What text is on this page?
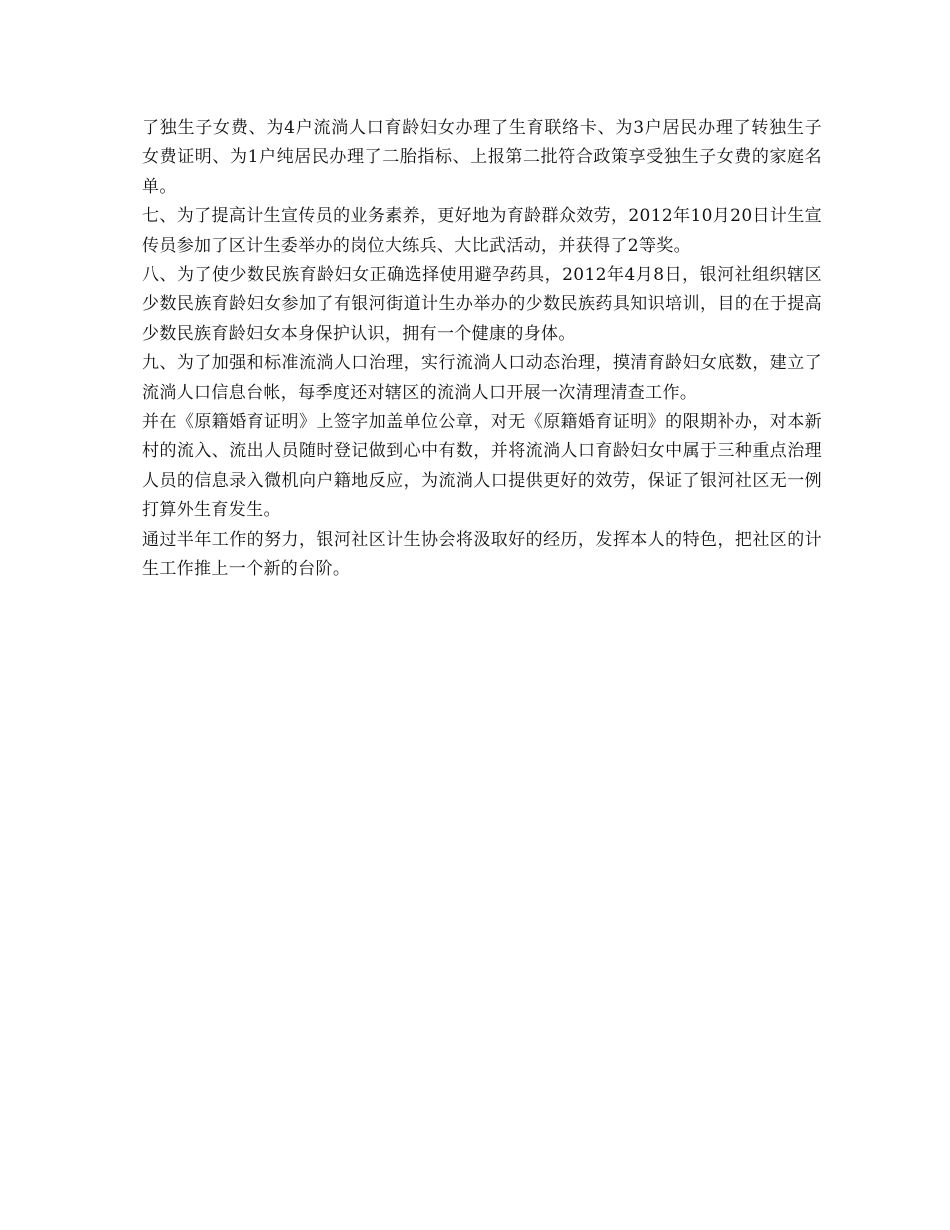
了独生子女费、为4户流淌人口育龄妇女办理了生育联络卡、为3户居民办理了转独生子女费证明、为1户纯居民办理了二胎指标、上报第二批符合政策享受独生子女费的家庭名单。

七、为了提高计生宣传员的业务素养，更好地为育龄群众效劳，2012年10月20日计生宣传员参加了区计生委举办的岗位大练兵、大比武活动，并获得了2等奖。

八、为了使少数民族育龄妇女正确选择使用避孕药具，2012年4月8日，银河社组织辖区少数民族育龄妇女参加了有银河街道计生办举办的少数民族药具知识培训，目的在于提高少数民族育龄妇女本身保护认识，拥有一个健康的身体。

九、为了加强和标准流淌人口治理，实行流淌人口动态治理，摸清育龄妇女底数，建立了流淌人口信息台帐，每季度还对辖区的流淌人口开展一次清理清查工作。

并在《原籍婚育证明》上签字加盖单位公章，对无《原籍婚育证明》的限期补办，对本新村的流入、流出人员随时登记做到心中有数，并将流淌人口育龄妇女中属于三种重点治理人员的信息录入微机向户籍地反应，为流淌人口提供更好的效劳，保证了银河社区无一例打算外生育发生。

通过半年工作的努力，银河社区计生协会将汲取好的经历，发挥本人的特色，把社区的计生工作推上一个新的台阶。
